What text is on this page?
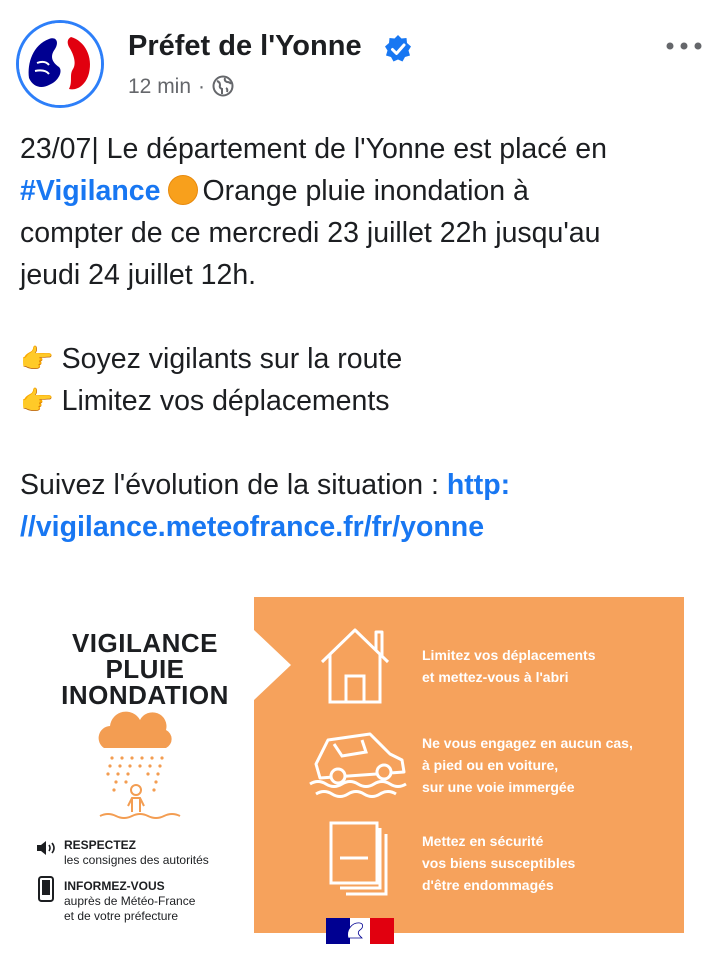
Préfet de l'Yonne
12 min ·

23/07| Le département de l'Yonne est placé en

#Vigilance Orange pluie inondation à

compter de ce mercredi 23 juillet 22h jusqu'au

jeudi 24 juillet 12h.

👉 Soyez vigilants sur la route

👉 Limitez vos déplacements

Suivez l'évolution de la situation : http:

//vigilance.meteofrance.fr/fr/yonne

VIGILANCE
PLUIE
INONDATION
RESPECTEZ
les consignes des autorités
INFORMEZ-VOUS
auprès de Météo-France
et de votre préfecture
Limitez vos déplacements
et mettez-vous à l'abri
Ne vous engagez en aucun cas,
à pied ou en voiture,
sur une voie immergée
Mettez en sécurité
vos biens susceptibles
d'être endommagés
